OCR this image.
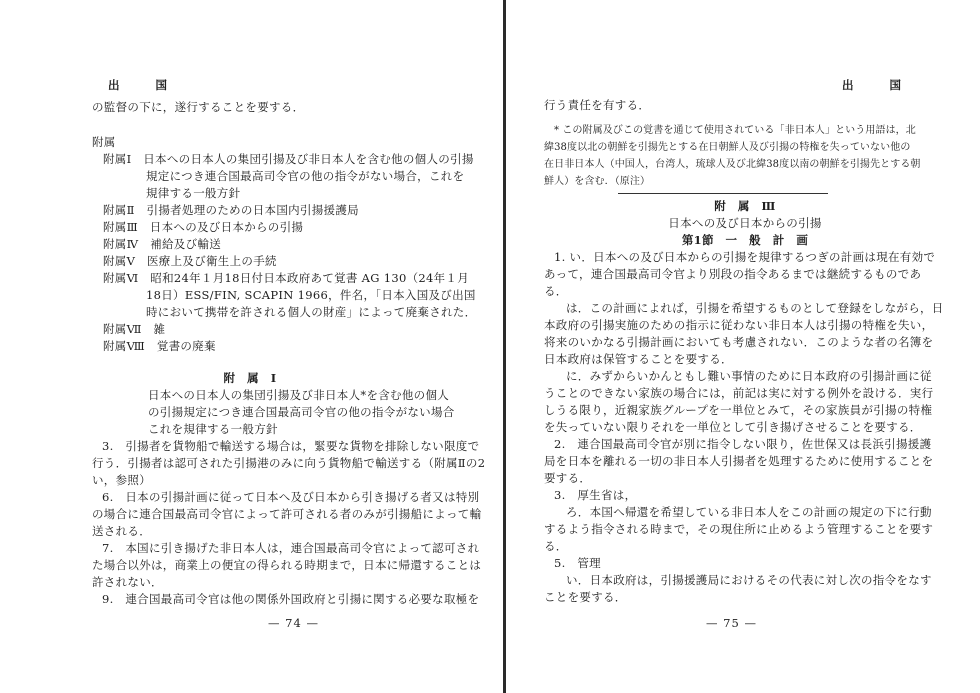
出 国
の監督の下に，遂行することを要する．
附属
附属Ⅰ　日本への日本人の集団引揚及び非日本人を含む他の個人の引揚
規定につき連合国最高司令官の他の指令がない場合，これを
規律する一般方針
附属Ⅱ　引揚者処理のための日本国内引揚援護局
附属Ⅲ　日本への及び日本からの引揚
附属Ⅳ　補給及び輸送
附属Ⅴ　医療上及び衛生上の手続
附属Ⅵ　昭和24年１月18日付日本政府あて覚書 AG 130（24年１月
18日）ESS/FIN, SCAPIN 1966，件名，「日本入国及び出国
時において携帯を許される個人の財産」によって廃棄された．
附属Ⅶ　雑
附属Ⅷ　覚書の廃棄
附　属　Ⅰ
日本への日本人の集団引揚及び非日本人*を含む他の個人
の引揚規定につき連合国最高司令官の他の指令がない場合
これを規律する一般方針
3.　引揚者を貨物船で輸送する場合は，緊要な貨物を排除しない限度で
行う．引揚者は認可された引揚港のみに向う貨物船で輸送する（附属Ⅱの2
い，参照）
6.　日本の引揚計画に従って日本へ及び日本から引き揚げる者又は特別
の場合に連合国最高司令官によって許可される者のみが引揚船によって輸
送される．
7.　本国に引き揚げた非日本人は，連合国最高司令官によって認可され
た場合以外は，商業上の便宜の得られる時期まで，日本に帰還することは
許されない．
9.　連合国最高司令官は他の関係外国政府と引揚に関する必要な取極を
— 74 —
出 国
行う責任を有する．
* この附属及びこの覚書を通じて使用されている「非日本人」という用語は，北
緯38度以北の朝鮮を引揚先とする在日朝鮮人及び引揚の特権を失っていない他の
在日非日本人（中国人，台湾人，琉球人及び北緯38度以南の朝鮮を引揚先とする朝
鮮人）を含む．（原注）
附　属　Ⅲ
日本への及び日本からの引揚
第1節　一　般　計　画
1. い．日本への及び日本からの引揚を規律するつぎの計画は現在有効で
あって，連合国最高司令官より別段の指令あるまでは継続するものであ
る．
は．この計画によれば，引揚を希望するものとして登録をしながら，日
本政府の引揚実施のための指示に従わない非日本人は引揚の特権を失い，
将来のいかなる引揚計画においても考慮されない．このような者の名簿を
日本政府は保管することを要する．
に．みずからいかんともし難い事情のために日本政府の引揚計画に従
うことのできない家族の場合には，前記は実に対する例外を設ける．実行
しうる限り，近親家族グループを一単位とみて，その家族員が引揚の特権
を失っていない限りそれを一単位として引き揚げさせることを要する．
2.　連合国最高司令官が別に指令しない限り，佐世保又は長浜引揚援護
局を日本を離れる一切の非日本人引揚者を処理するために使用することを
要する．
3.　厚生省は，
ろ．本国へ帰還を希望している非日本人をこの計画の規定の下に行動
するよう指令される時まで，その現住所に止めるよう管理することを要す
る．
5.　管理
い．日本政府は，引揚援護局におけるその代表に対し次の指令をなす
ことを要する．
— 75 —
